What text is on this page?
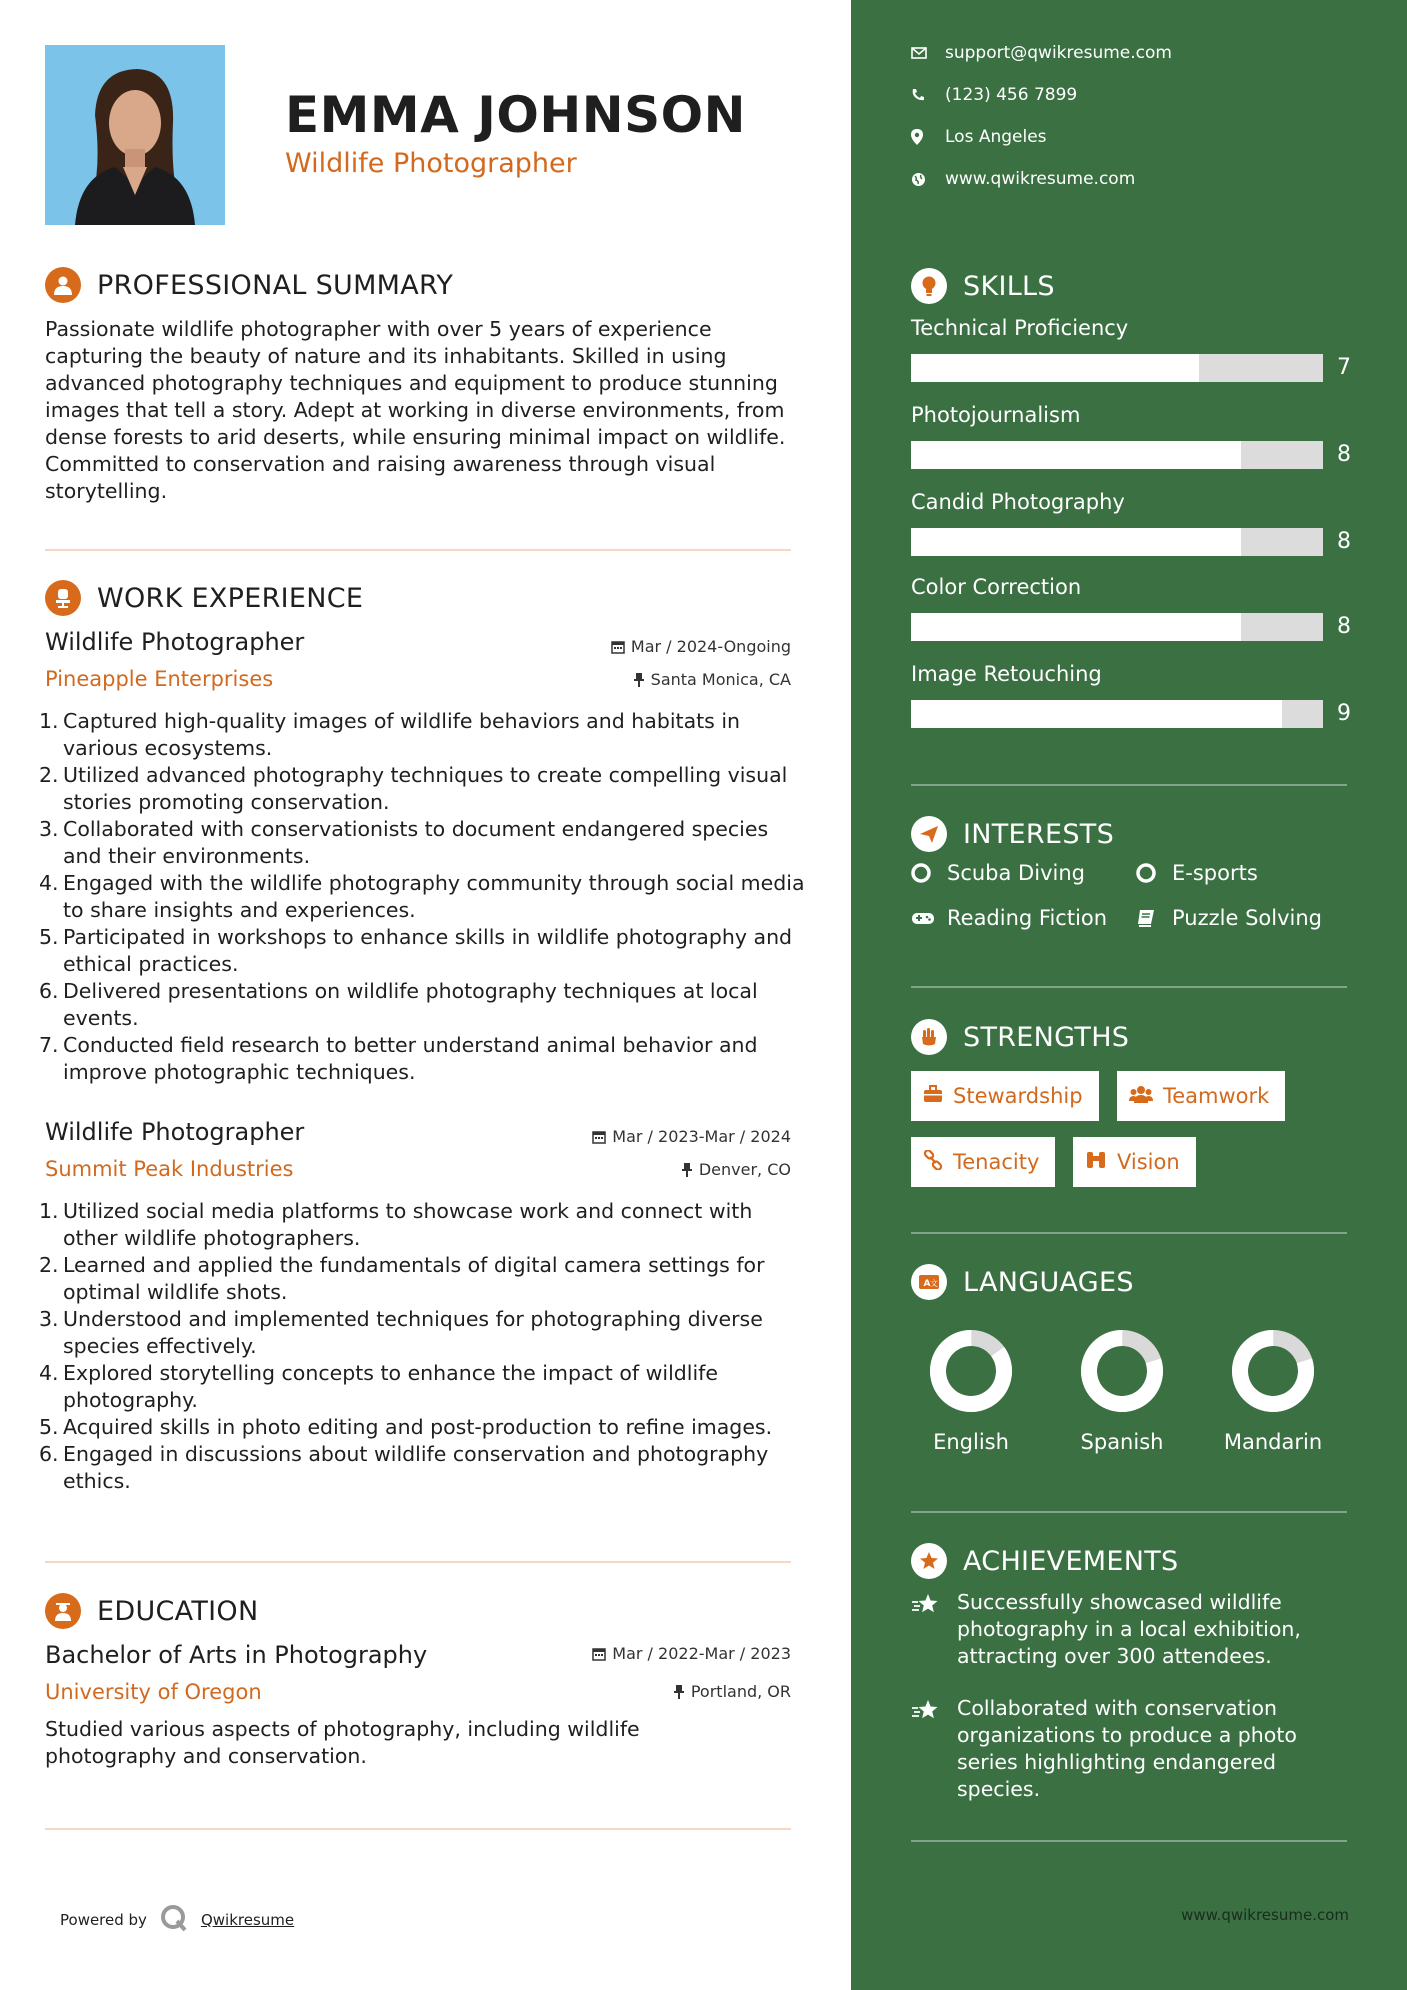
EMMA JOHNSON
Wildlife Photographer
PROFESSIONAL SUMMARY
Passionate wildlife photographer with over 5 years of experience capturing the beauty of nature and its inhabitants. Skilled in using advanced photography techniques and equipment to produce stunning images that tell a story. Adept at working in diverse environments, from dense forests to arid deserts, while ensuring minimal impact on wildlife. Committed to conservation and raising awareness through visual storytelling.
WORK EXPERIENCE
Wildlife Photographer
Pineapple Enterprises
Mar / 2024-Ongoing
Santa Monica, CA
1. Captured high-quality images of wildlife behaviors and habitats in various ecosystems.
2. Utilized advanced photography techniques to create compelling visual stories promoting conservation.
3. Collaborated with conservationists to document endangered species and their environments.
4. Engaged with the wildlife photography community through social media to share insights and experiences.
5. Participated in workshops to enhance skills in wildlife photography and ethical practices.
6. Delivered presentations on wildlife photography techniques at local events.
7. Conducted field research to better understand animal behavior and improve photographic techniques.
Wildlife Photographer
Summit Peak Industries
Mar / 2023-Mar / 2024
Denver, CO
1. Utilized social media platforms to showcase work and connect with other wildlife photographers.
2. Learned and applied the fundamentals of digital camera settings for optimal wildlife shots.
3. Understood and implemented techniques for photographing diverse species effectively.
4. Explored storytelling concepts to enhance the impact of wildlife photography.
5. Acquired skills in photo editing and post-production to refine images.
6. Engaged in discussions about wildlife conservation and photography ethics.
EDUCATION
Bachelor of Arts in Photography
University of Oregon
Mar / 2022-Mar / 2023
Portland, OR
Studied various aspects of photography, including wildlife photography and conservation.
Powered by	Qwikresume
support@qwikresume.com
(123) 456 7899
Los Angeles
www.qwikresume.com
SKILLS
Technical Proficiency
7
Photojournalism
8
Candid Photography
8
Color Correction
8
Image Retouching
9
INTERESTS
Scuba Diving	E-sports
Reading Fiction	Puzzle Solving
STRENGTHS
Stewardship	Teamwork
Tenacity	Vision
A 文 LANGUAGES
English	Spanish	Mandarin
ACHIEVEMENTS
Successfully showcased wildlife photography in a local exhibition, attracting over 300 attendees.
Collaborated with conservation organizations to produce a photo series highlighting endangered species.
www.qwikresume.com
